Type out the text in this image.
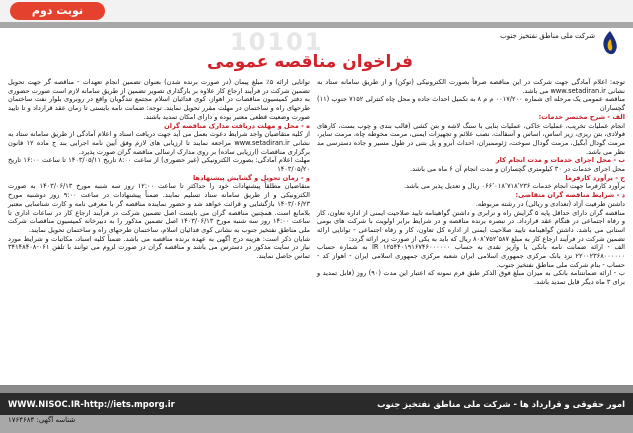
نوبت دوم
شرکت ملی مناطق نفتخیز جنوب
10101
فراخوان مناقصه عمومی

توجه: اعلام آمادگی جهت شرکت در این مناقصه صرفاً بصورت الکترونیکی (توکن) و از طریق سامانه ستاد به نشانی www.setadiran.ir می باشد.

مناقصه عمومی یک مرحله ای شماره ۰۰۱۷/۲۰۰ م م ۸ به تکمیل احداث جاده و محل چاه کنترلی ۷۱۵۲ جنوب (۱۱) گچساران

الف - شرح مختصر خدمات:

انجام عملیات تخریب، عملیات خاکی، عملیات بنایی با سنگ لاشه و بتن کشی (قالب بندی و چوب بست، کارهای فولادی، بتن ریزی، زیر اساس، اساس و آسفالت، نصب علائم و تجهیزات ایمنی، مرمت محوطه چاه، مرمت سایر، مرمت گودال آبگیل، مرمت گودال سوخت، ژئوممبران، احداث آبرو و پل بتنی در طول مسیر و جاده دسترسی مد نظر می باشد.

ب - محل اجرای خدمات و مدت انجام کار

محل اجرای خدمات در ۳۰ کیلومتری گچساران و مدت انجام آن ۶ ماه می باشد.

ج - برآورد کارفرما

برآورد کارفرما جهت انجام خدمات ۰۶۶٬۰۱۸٬۷۱۸٬۲۳۶ ریال و تعدیل پذیر می باشد.

د - شرایط مناقصه گران متقاضی:

داشتن ظرفیت آزاد (تعدادی و ریالی) در رشته مربوطه.

مناقصه گران دارای حداقل پایه ۵ گرایش راه و ترابری و داشتن گواهینامه تایید صلاحیت ایمنی از اداره تعاون، کار و رفاه اجتماعی در هنگام عقد قرارداد. در تبصره برنده مناقصه و در شرایط برابر اولویت با شرکت های بومی استانی می باشد. داشتن گواهینامه تایید صلاحیت ایمنی از اداره کل تعاون، کار و رفاه اجتماعی - توانایی ارائه تضمین شرکت در فرآیند ارجاع کار به مبلغ ۸۰۸٬۷۵۲٬۵۸۷ ریال که باید به یکی از صورت زیر ارائه گردد:

الف - ارائه ضمانت نامه بانکی یا واریز نقدی به حساب ۱۲۵۴۴۰۱۹۱۶۷۴۶۰۰۰۰۰۰ IR به شماره حساب ۲۲۰۰۲۳۶۸۰۰۰۰۰۰ نزد بانک مرکزی جمهوری اسلامی ایران شعبه مرکزی جمهوری اسلامی ایران - اهواز کد - حساب - بنام شرکت ملی مناطق نفتخیز جنوب.

ب - ارائه ضمانتنامه بانکی به میزان مبلغ فوق الذکر طبق فرم نمونه که اعتبار این مدت (۹۰) روز (قابل تمدید و برای ۳ ماه دیگر قابل تمدید باشد.

توانایی ارائه ۵٪ مبلغ پیمان (در صورت برنده شدن) بعنوان تضمین انجام تعهدات - مناقصه گر جهت تحویل تضمین شرکت در فرآیند ارجاع کار علاوه بر بارگذاری تصویر تضمین از طریق سامانه لازم است صورت حضوری به دفتر کمیسیون مناقصات در اهواز، کوی فدائیان اسلام مجتمع تندگویان واقع در روبروی بلوار نفت ساختمان طرحهای راه و ساختمان در مهلت مقرر تحویل نمایند. توجه: ضمانت نامه بایستی تا زمان عقد قرارداد و تا تایید صورت وضعیت قطعی معتبر بوده و دارای امکان تمدید باشند.

ه - محل و مهلت دریافت مدارک مناقصه گران

از کلیه متقاضیان واجد شرایط دعوت بعمل می آید جهت دریافت اسناد و اعلام آمادگی از طریق سامانه ستاد به نشانی www.setadiran.ir مراجعه نمایند تا ارزیابی های لازم وفق آیین نامه اجرایی بند ج ماده ۱۲ قانون برگزاری مناقصات (ارزیابی ساده) بر روی مدارک ارسالی مناقصه گران صورت پذیرد.

مهلت اعلام آمادگی: بصورت الکترونیکی (غیر حضوری) از ساعت ۸:۰۰ تاریخ ۱۴۰۳/۰۵/۱۱ تا ساعت ۱۶:۰۰ تاریخ ۱۴۰۳/۰۵/۲۰

و - زمان تحویل و گشایش پیشنهادها

متقاضیان مطلقاً پیشنهادات خود را حداکثر تا ساعت ۱۲:۰۰ روز سه شنبه مورخ ۱۴۰۳/۰۶/۱۳ به صورت الکترونیکی و از طریق سامانه ستاد تسلیم نمایند. ضمناً پیشنهادات در ساعت ۹:۰۰ روز دوشنبه مورخ ۱۴۰۳/۰۶/۲۳ بازگشایی و قرائت خواهد شد و حضور نماینده مناقصه گر با معرفی نامه و کارت شناسایی معتبر بلامانع است. همچنین مناقصه گران می بایست اصل تضمین شرکت در فرآیند ارجاع کار در ساعات اداری تا ساعت ۱۴:۰۰ روز سه شنبه مورخ ۱۴۰۳/۰۶/۱۳ اصل تضمین مذکور را به دبیرخانه کمیسیون مناقصات شرکت ملی مناطق نفتخیز جنوب به نشانی کوی فدائیان اسلام، ساختمان طرحهای راه و ساختمان تحویل نمایند.

شایان ذکر است: هزینه درج آگهی به عهده برنده مناقصه می باشد. ضمناً کلیه اسناد، مکاتبات و شرایط مورد نیاز در سایت مذکور در دسترس می باشد و مناقصه گران در صورت لزوم می توانند با تلفن ۰۶۱-۳۴۱۴۸۴۰۸ تماس حاصل نمایند.

WWW.NISOC.IR-http://iets.mporg.ir	امور حقوقی و قرارداد ها - شرکت ملی مناطق نفتخیز جنوب
شناسه آگهی: ۱۷۶۴۶۸۴
